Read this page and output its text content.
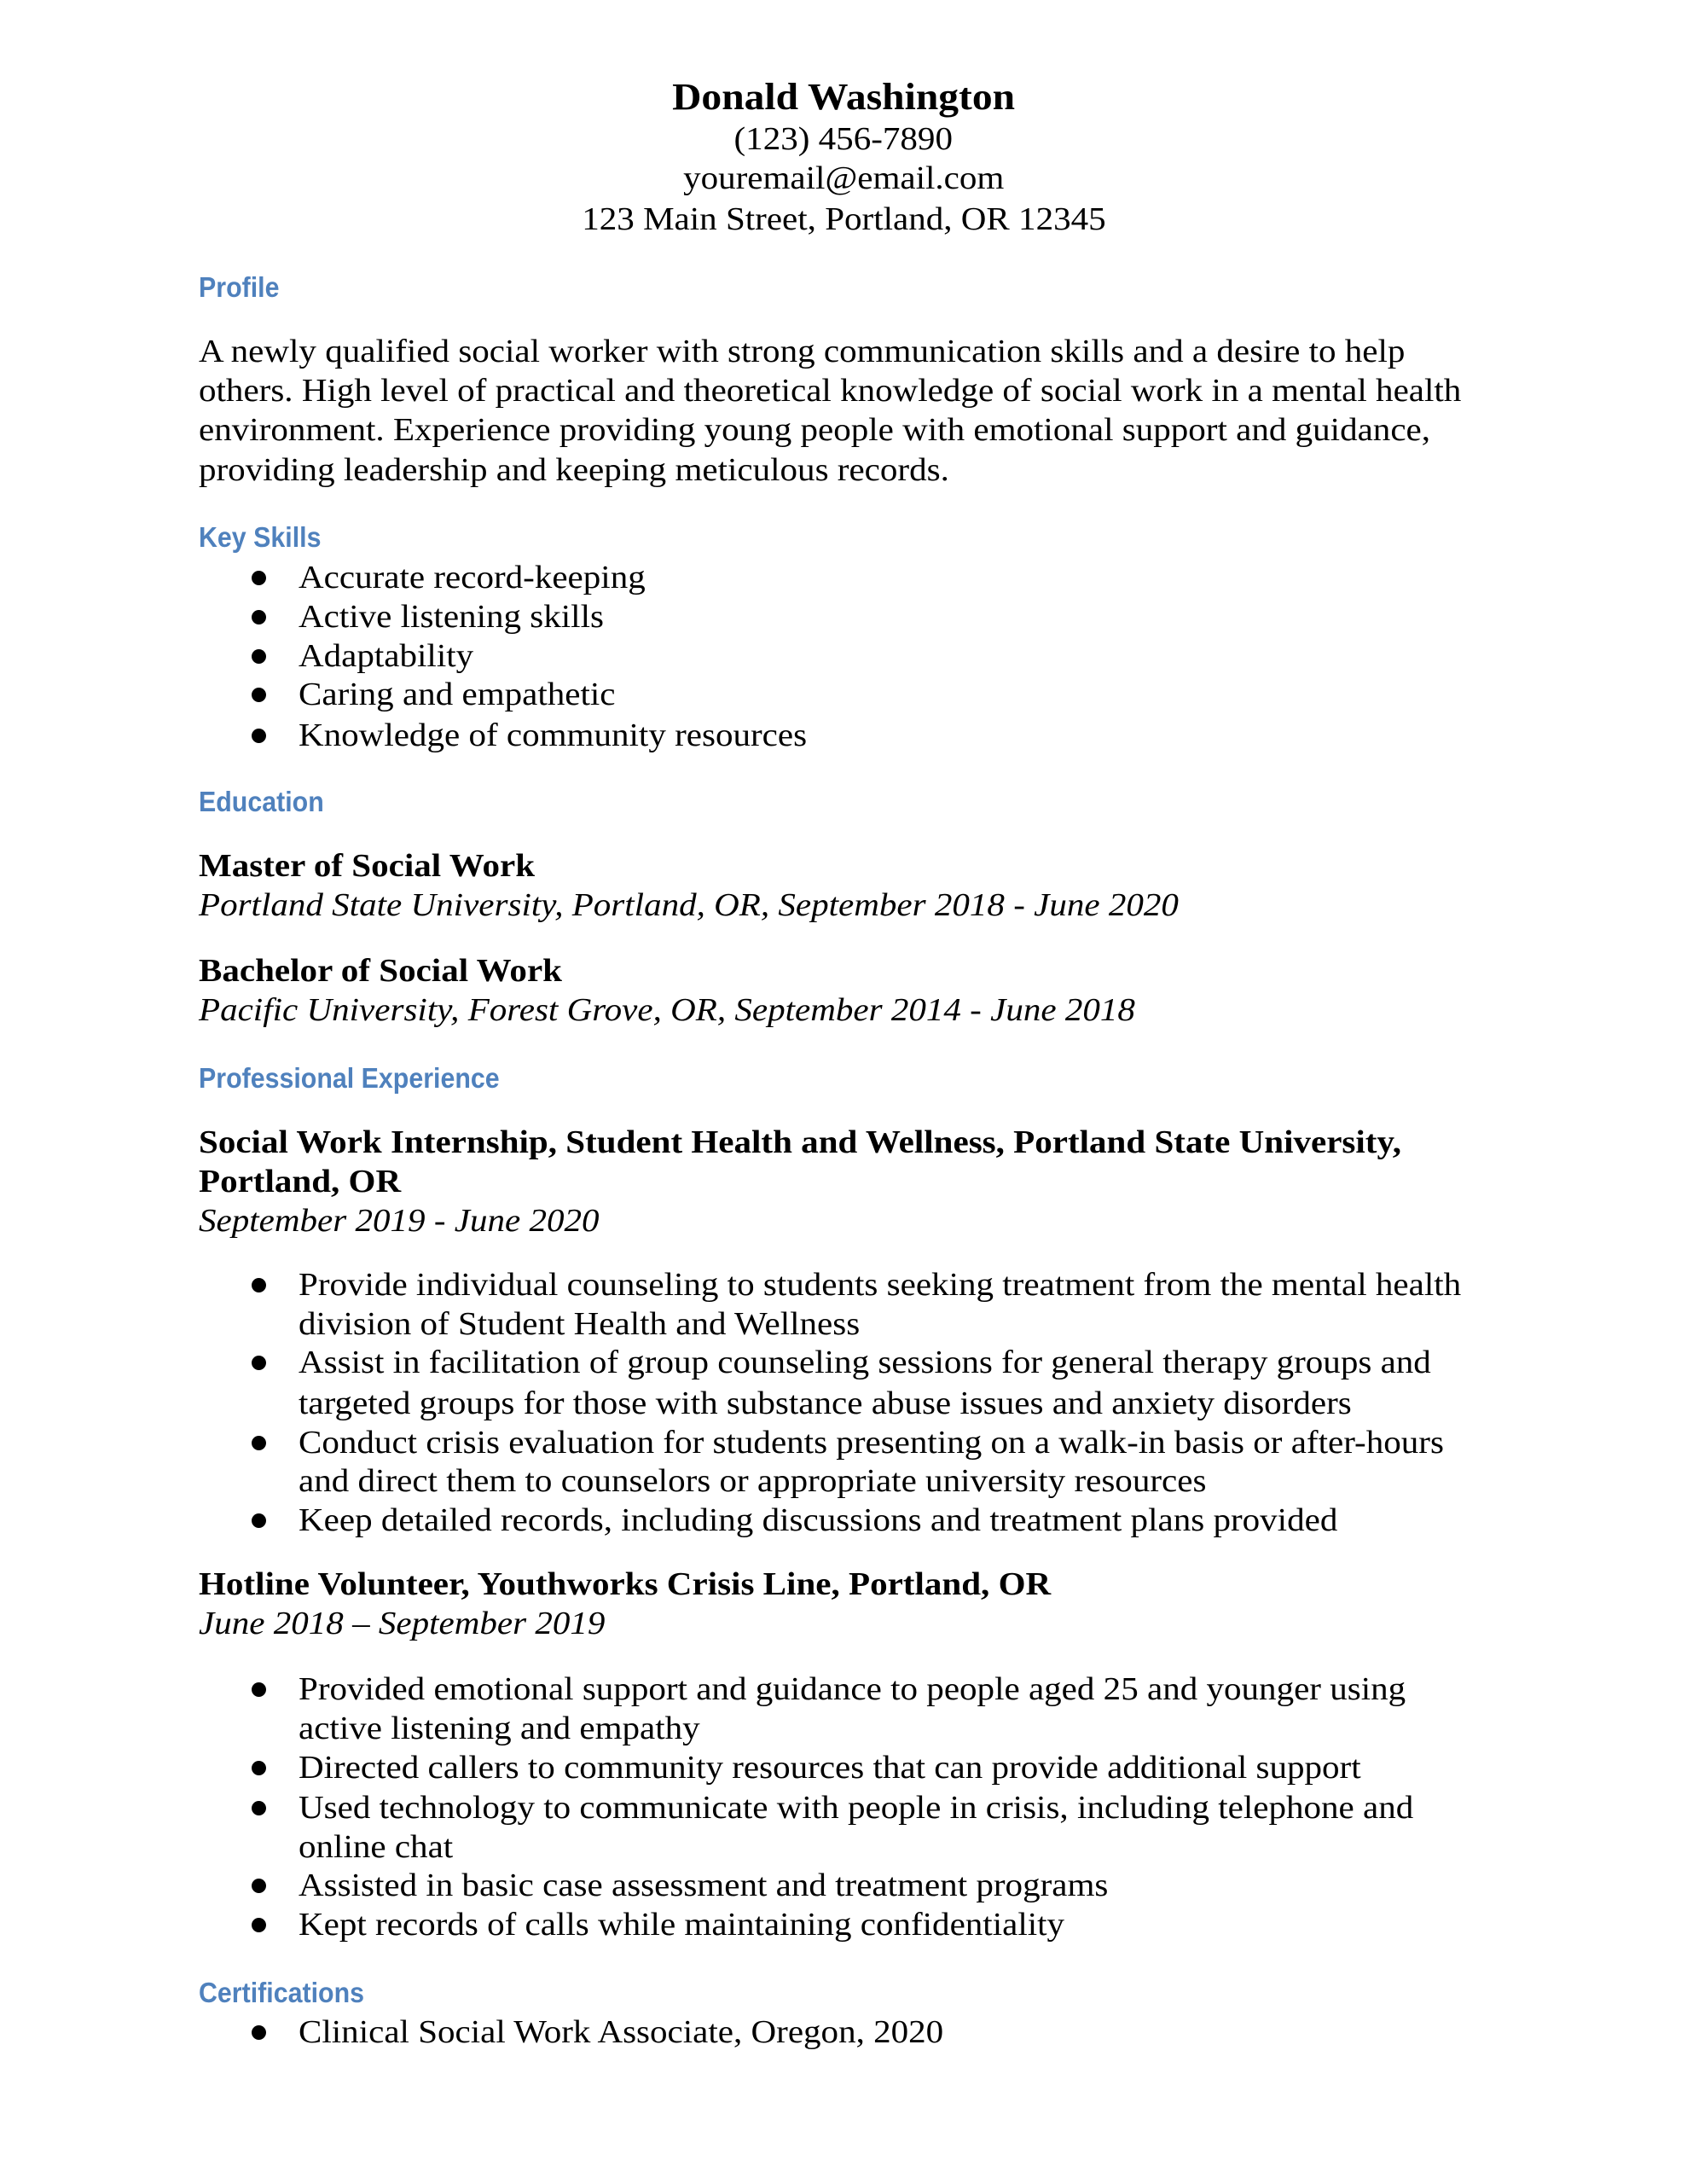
Donald Washington
(123) 456-7890
youremail@email.com
123 Main Street, Portland, OR 12345
Profile
A newly qualified social worker with strong communication skills and a desire to help
others. High level of practical and theoretical knowledge of social work in a mental health
environment. Experience providing young people with emotional support and guidance,
providing leadership and keeping meticulous records.
Key Skills
Accurate record-keeping
Active listening skills
Adaptability
Caring and empathetic
Knowledge of community resources
Education
Master of Social Work
Portland State University, Portland, OR, September 2018 - June 2020
Bachelor of Social Work
Pacific University, Forest Grove, OR, September 2014 - June 2018
Professional Experience
Social Work Internship, Student Health and Wellness, Portland State University,
Portland, OR
September 2019 - June 2020
Provide individual counseling to students seeking treatment from the mental health
division of Student Health and Wellness
Assist in facilitation of group counseling sessions for general therapy groups and
targeted groups for those with substance abuse issues and anxiety disorders
Conduct crisis evaluation for students presenting on a walk-in basis or after-hours
and direct them to counselors or appropriate university resources
Keep detailed records, including discussions and treatment plans provided
Hotline Volunteer, Youthworks Crisis Line, Portland, OR
June 2018 – September 2019
Provided emotional support and guidance to people aged 25 and younger using
active listening and empathy
Directed callers to community resources that can provide additional support
Used technology to communicate with people in crisis, including telephone and
online chat
Assisted in basic case assessment and treatment programs
Kept records of calls while maintaining confidentiality
Certifications
Clinical Social Work Associate, Oregon, 2020
